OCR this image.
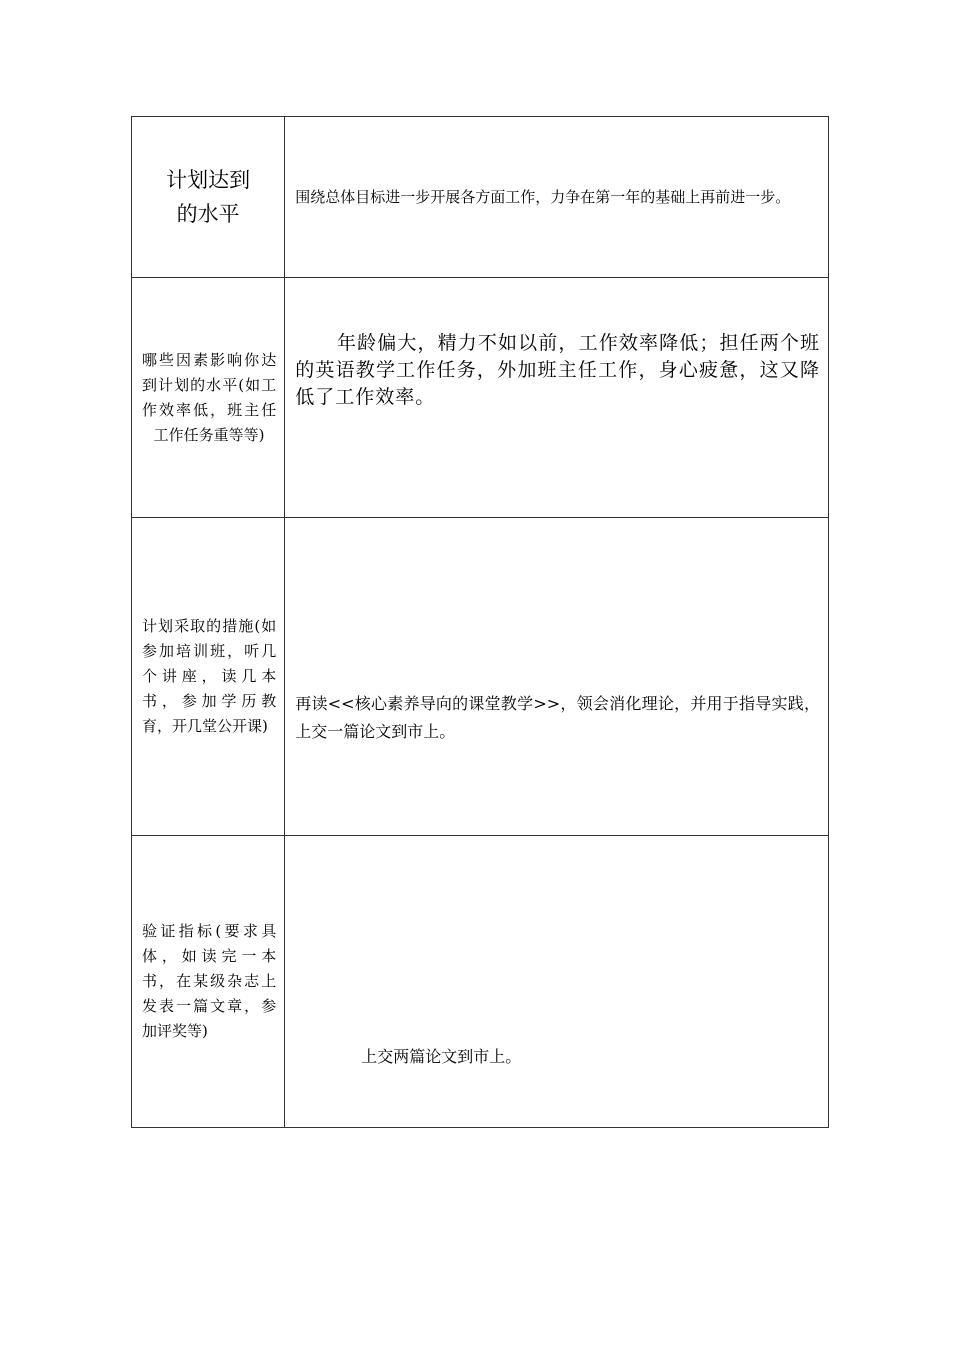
计划达到
的水平	围绕总体目标进一步开展各方面工作，力争在第一年的基础上再前进一步。

哪些因素影响你达到计划的水平(如工作效率低，班主任工作任务重等等)	年龄偏大，精力不如以前，工作效率降低；担任两个班的英语教学工作任务，外加班主任工作，身心疲惫，这又降低了工作效率。

计划采取的措施(如参加培训班，听几个讲座，读几本书，参加学历教育，开几堂公开课)	再读<<核心素养导向的课堂教学>>，领会消化理论，并用于指导实践，上交一篇论文到市上。

验证指标(要求具体，如读完一本书，在某级杂志上发表一篇文章，参加评奖等)	上交两篇论文到市上。
